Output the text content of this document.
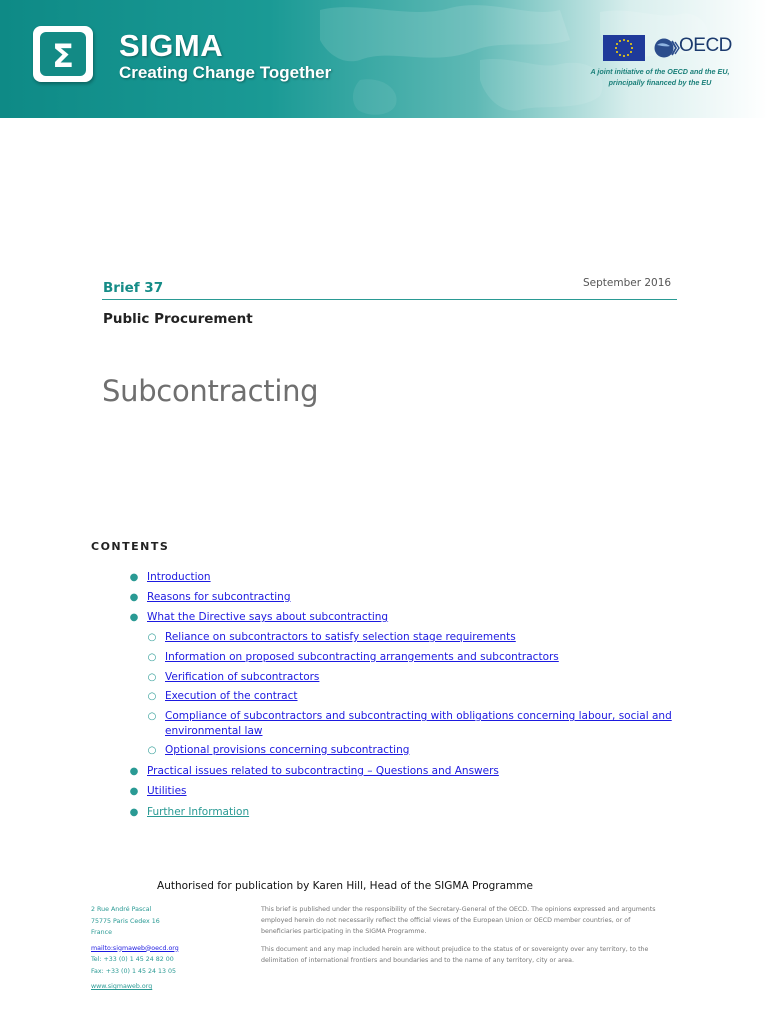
Σ SIGMA
Creating Change Together
OECD
A joint initiative of the OECD and the EU,
principally financed by the EU
Brief 37	September 2016
Public Procurement
Subcontracting
CONTENTS
● Introduction
● Reasons for subcontracting
● What the Directive says about subcontracting
○ Reliance on subcontractors to satisfy selection stage requirements
○ Information on proposed subcontracting arrangements and subcontractors
○ Verification of subcontractors
○ Execution of the contract
○ Compliance of subcontractors and subcontracting with obligations concerning labour, social and
environmental law
○ Optional provisions concerning subcontracting
● Practical issues related to subcontracting – Questions and Answers
● Utilities
● Further Information
Authorised for publication by Karen Hill, Head of the SIGMA Programme
2 Rue André Pascal
75775 Paris Cedex 16
France
mailto:sigmaweb@oecd.org
Tel: +33 (0) 1 45 24 82 00
Fax: +33 (0) 1 45 24 13 05
www.sigmaweb.org

This brief is published under the responsibility of the Secretary-General of the OECD. The opinions expressed and arguments employed herein do not necessarily reflect the official views of the European Union or OECD member countries, or of beneficiaries participating in the SIGMA Programme.

This document and any map included herein are without prejudice to the status of or sovereignty over any territory, to the delimitation of international frontiers and boundaries and to the name of any territory, city or area.
